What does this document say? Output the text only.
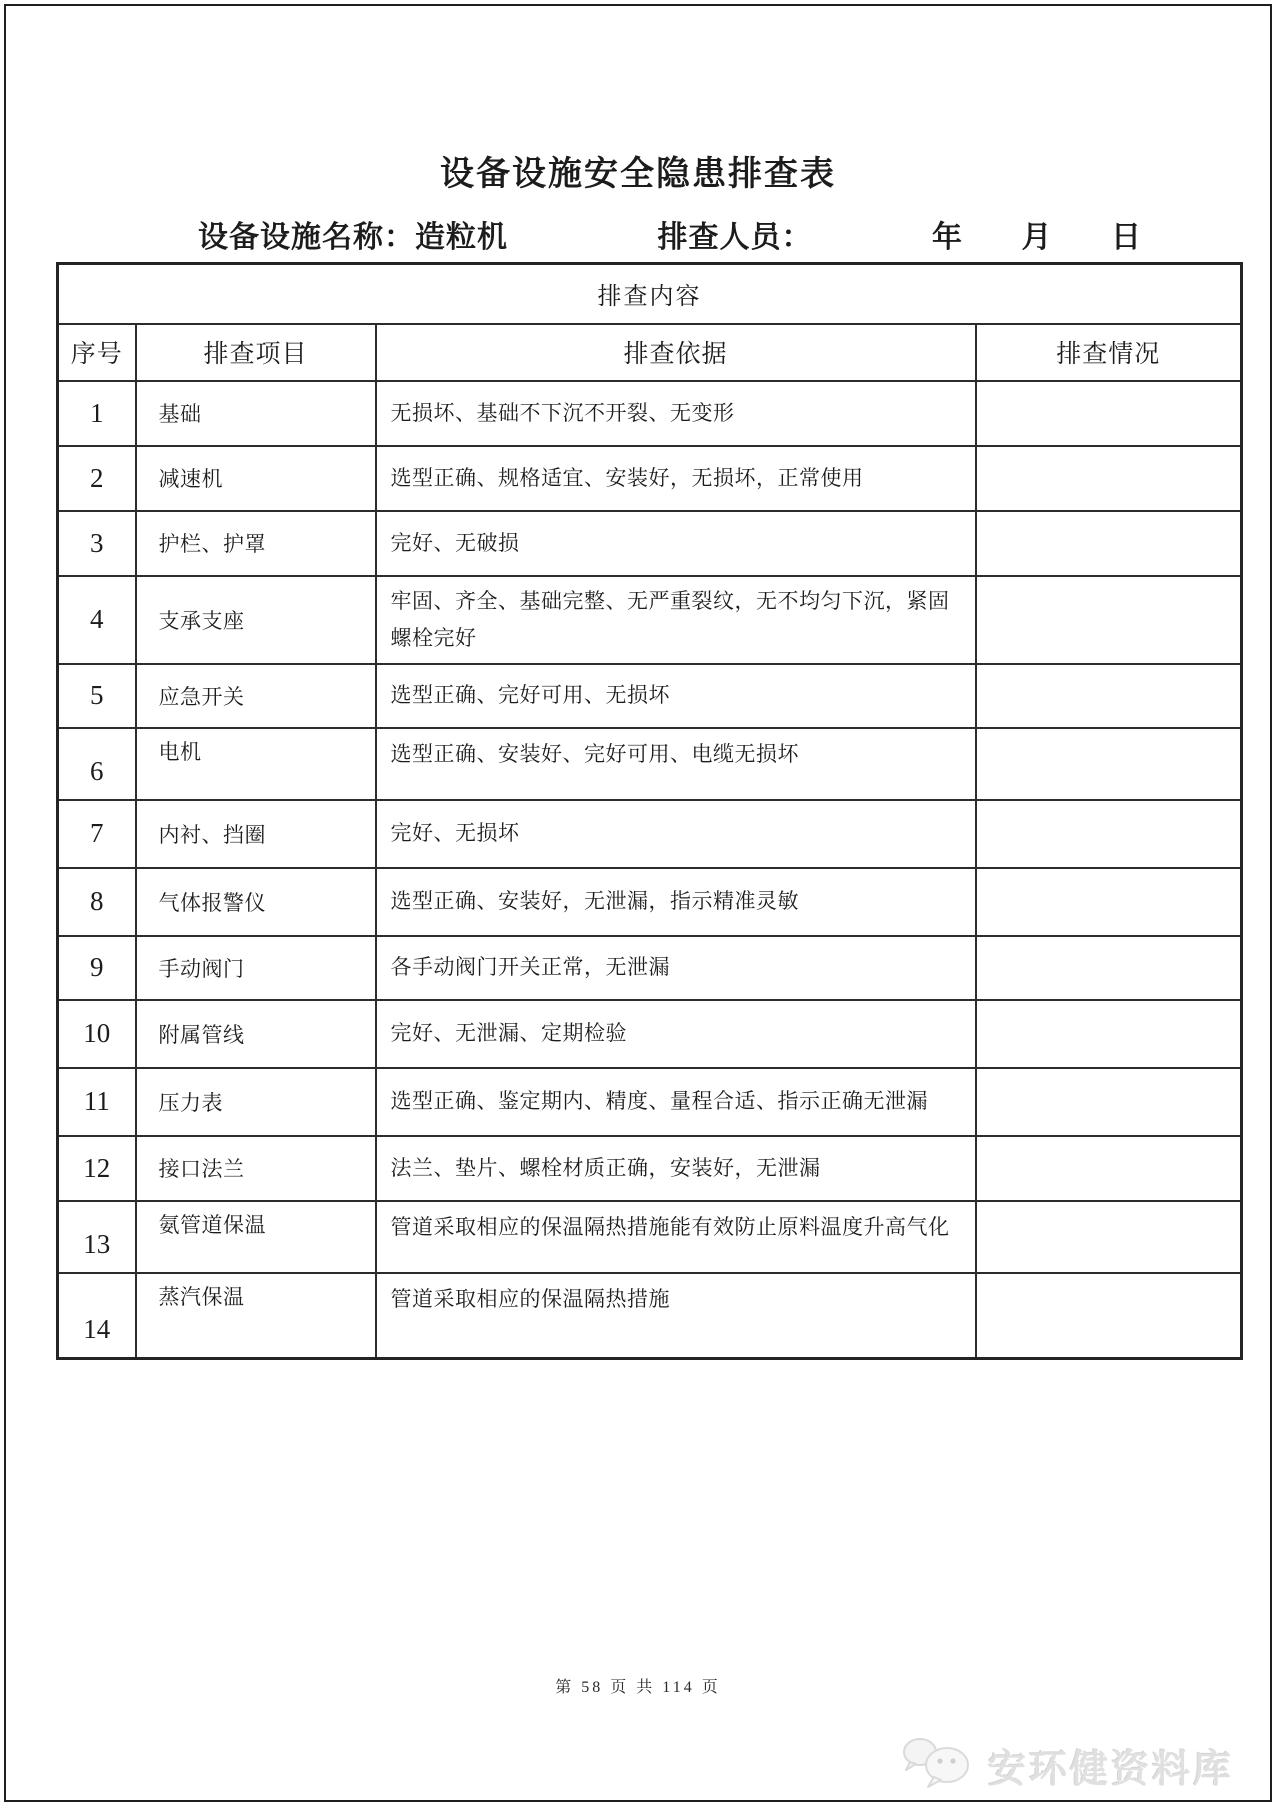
设备设施安全隐患排查表
设备设施名称：造粒机	排查人员：	年 月 日
排查内容			
序号	排查项目	排查依据	排查情况
1	基础	无损坏、基础不下沉不开裂、无变形	
2	减速机	选型正确、规格适宜、安装好，无损坏，正常使用	
3	护栏、护罩	完好、无破损	
4	支承支座	牢固、齐全、基础完整、无严重裂纹，无不均匀下沉，紧固螺栓完好	
5	应急开关	选型正确、完好可用、无损坏	
6	电机	选型正确、安装好、完好可用、电缆无损坏	
7	内衬、挡圈	完好、无损坏	
8	气体报警仪	选型正确、安装好，无泄漏，指示精准灵敏	
9	手动阀门	各手动阀门开关正常，无泄漏	
10	附属管线	完好、无泄漏、定期检验	
11	压力表	选型正确、鉴定期内、精度、量程合适、指示正确无泄漏	
12	接口法兰	法兰、垫片、螺栓材质正确，安装好，无泄漏	
13	氨管道保温	管道采取相应的保温隔热措施能有效防止原料温度升高气化	
14	蒸汽保温	管道采取相应的保温隔热措施	
第 58 页 共 114 页
安环健资料库
